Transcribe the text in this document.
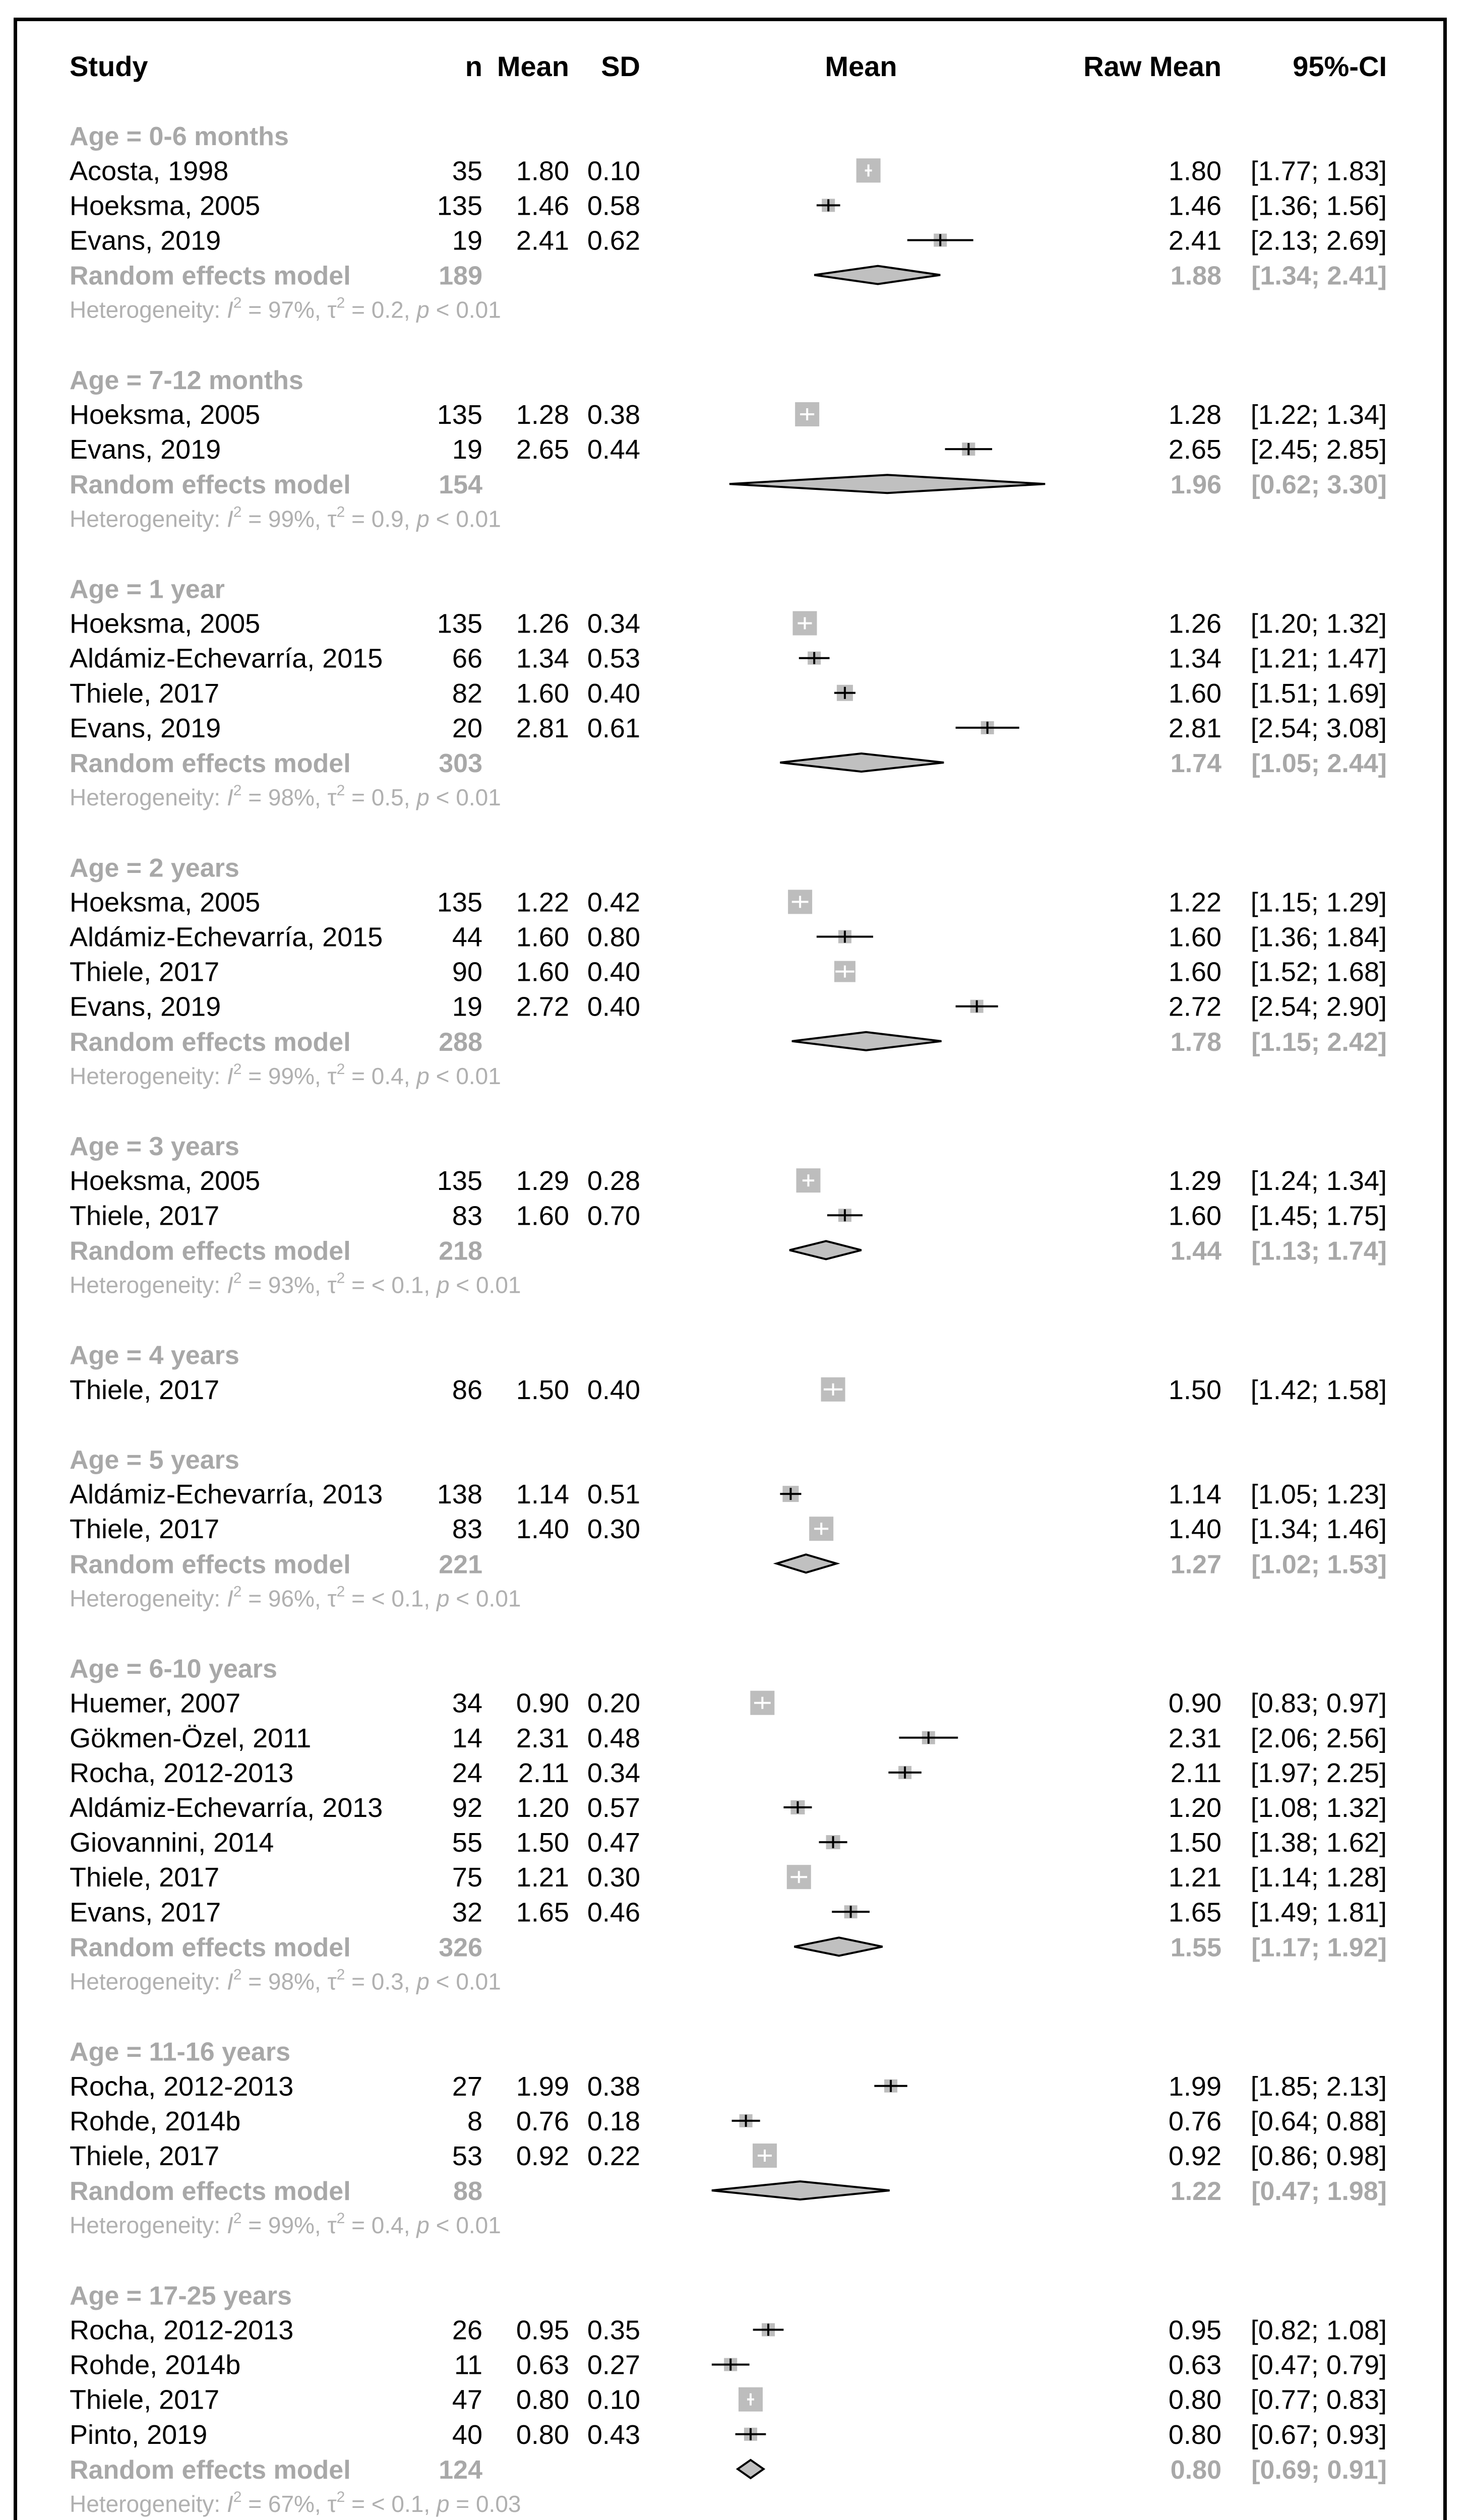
Study	n Mean SD	Mean	Raw Mean	95%-CI
Age = 0-6 months
Acosta, 1998	35 1.80 0.10	1.80 [1.77; 1.83]
Hoeksma, 2005	135 1.46 0.58	1.46 [1.36; 1.56]
Evans, 2019	19 2.41 0.62	2.41 [2.13; 2.69]
Random effects model	189	1.88 [1.34; 2.41]
Heterogeneity: $I^2 = 97\%$, $\tau^2 = 0.2$, p < 0.01
Age = 7-12 months
Hoeksma, 2005	135 1.28 0.38	1.28 [1.22; 1.34]
Evans, 2019	19 2.65 0.44	2.65 [2.45; 2.85]
Random effects model	154	1.96 [0.62; 3.30]
Heterogeneity: $I^2 = 99\%$, $\tau^2 = 0.9$, p < 0.01
Age = 1 year
Hoeksma, 2005	135 1.26 0.34	1.26 [1.20; 1.32]
Aldámiz-Echevarría, 2015	66 1.34 0.53	1.34 [1.21; 1.47]
Thiele, 2017	82 1.60 0.40	1.60 [1.51; 1.69]
Evans, 2019	20 2.81 0.61	2.81 [2.54; 3.08]
Random effects model	303	1.74 [1.05; 2.44]
Heterogeneity: $I^2 = 98\%$, $\tau^2 = 0.5$, p < 0.01
Age = 2 years
Hoeksma, 2005	135 1.22 0.42	1.22 [1.15; 1.29]
Aldámiz-Echevarría, 2015	44 1.60 0.80	1.60 [1.36; 1.84]
Thiele, 2017	90 1.60 0.40	1.60 [1.52; 1.68]
Evans, 2019	19 2.72 0.40	2.72 [2.54; 2.90]
Random effects model	288	1.78 [1.15; 2.42]
Heterogeneity: $I^2 = 99\%$, $\tau^2 = 0.4$, p < 0.01
Age = 3 years
Hoeksma, 2005	135 1.29 0.28	1.29 [1.24; 1.34]
Thiele, 2017	83 1.60 0.70	1.60 [1.45; 1.75]
Random effects model	218	1.44 [1.13; 1.74]
Heterogeneity: $I^2 = 93\%$, $\tau^2$ = < 0.1, p < 0.01
Age = 4 years
Thiele, 2017	86 1.50 0.40	1.50 [1.42; 1.58]
Age = 5 years
Aldámiz-Echevarría, 2013 138 1.14 0.51	1.14 [1.05; 1.23]
Thiele, 2017	83 1.40 0.30	1.40 [1.34; 1.46]
Random effects model	221	1.27 [1.02; 1.53]
Heterogeneity: $I^2 = 96\%$, $\tau^2$ = < 0.1, p < 0.01
Age = 6-10 years
Huemer, 2007	34 0.90 0.20	0.90 [0.83; 0.97]
Gökmen-Özel, 2011	14 2.31 0.48	2.31 [2.06; 2.56]
Rocha, 2012-2013	24 2.11 0.34	2.11 [1.97; 2.25]
Aldámiz-Echevarría, 2013	92 1.20 0.57	1.20 [1.08; 1.32]
Giovannini, 2014	55 1.50 0.47	1.50 [1.38; 1.62]
Thiele, 2017	75 1.21 0.30	1.21 [1.14; 1.28]
Evans, 2017	32 1.65 0.46	1.65 [1.49; 1.81]
Random effects model	326	1.55 [1.17; 1.92]
Heterogeneity: $I^2 = 98\%$, $\tau^2 = 0.3$, p < 0.01
Age = 11-16 years
Rocha, 2012-2013	27 1.99 0.38	1.99 [1.85; 2.13]
Rohde, 2014b	8 0.76 0.18	0.76 [0.64; 0.88]
Thiele, 2017	53 0.92 0.22	0.92 [0.86; 0.98]
Random effects model	88	1.22 [0.47; 1.98]
Heterogeneity: $I^2 = 99\%$, $\tau^2 = 0.4$, p < 0.01
Age = 17-25 years
Rocha, 2012-2013	26 0.95 0.35	0.95 [0.82; 1.08]
Rohde, 2014b	11 0.63 0.27	0.63 [0.47; 0.79]
Thiele, 2017	47 0.80 0.10	0.80 [0.77; 0.83]
Pinto, 2019	40 0.80 0.43	0.80 [0.67; 0.93]
Random effects model	124	0.80 [0.69; 0.91]
Heterogeneity: $I^2 = 67\%$, $\tau^2$ = < 0.1, p = 0.03
